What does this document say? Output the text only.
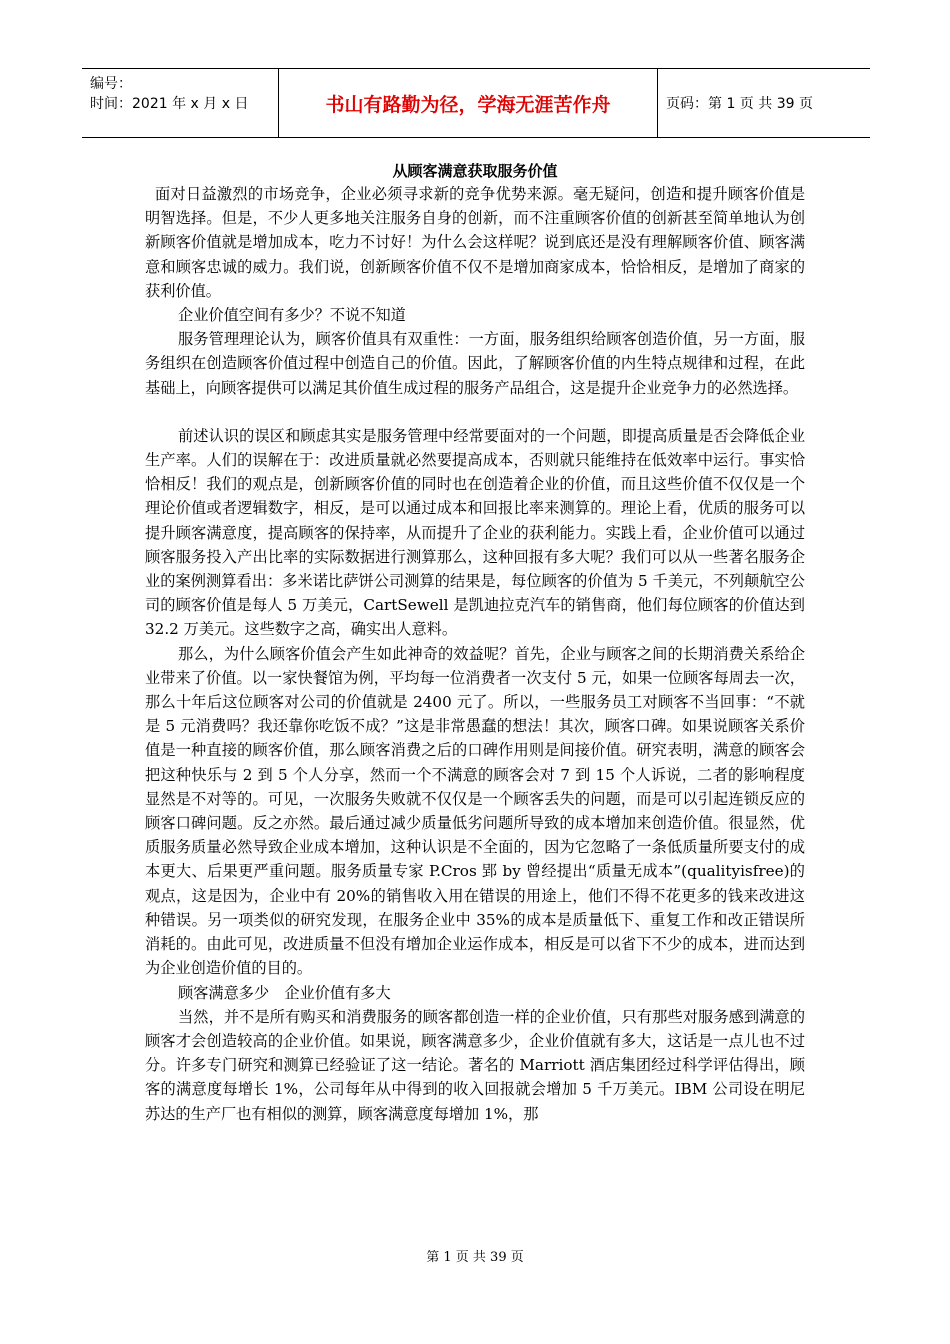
编号：
时间：2021 年 x 月 x 日	书山有路勤为径，学海无涯苦作舟	页码：第 1 页 共 39 页
从顾客满意获取服务价值

面对日益激烈的市场竞争，企业必须寻求新的竞争优势来源。毫无疑问，创造和提升顾客价值是明智选择。但是，不少人更多地关注服务自身的创新，而不注重顾客价值的创新甚至简单地认为创新顾客价值就是增加成本，吃力不讨好！为什么会这样呢？说到底还是没有理解顾客价值、顾客满意和顾客忠诚的威力。我们说，创新顾客价值不仅不是增加商家成本，恰恰相反，是增加了商家的获利价值。

企业价值空间有多少？不说不知道

服务管理理论认为，顾客价值具有双重性：一方面，服务组织给顾客创造价值，另一方面，服务组织在创造顾客价值过程中创造自己的价值。因此，了解顾客价值的内生特点规律和过程，在此基础上，向顾客提供可以满足其价值生成过程的服务产品组合，这是提升企业竞争力的必然选择。

前述认识的误区和顾虑其实是服务管理中经常要面对的一个问题，即提高质量是否会降低企业生产率。人们的误解在于：改进质量就必然要提高成本，否则就只能维持在低效率中运行。事实恰恰相反！我们的观点是，创新顾客价值的同时也在创造着企业的价值，而且这些价值不仅仅是一个理论价值或者逻辑数字，相反，是可以通过成本和回报比率来测算的。理论上看，优质的服务可以提升顾客满意度，提高顾客的保持率，从而提升了企业的获利能力。实践上看，企业价值可以通过顾客服务投入产出比率的实际数据进行测算那么，这种回报有多大呢？我们可以从一些著名服务企业的案例测算看出：多米诺比萨饼公司测算的结果是，每位顾客的价值为 5 千美元，不列颠航空公司的顾客价值是每人 5 万美元，CartSewell 是凯迪拉克汽车的销售商，他们每位顾客的价值达到 32.2 万美元。这些数字之高，确实出人意料。

那么，为什么顾客价值会产生如此神奇的效益呢？首先，企业与顾客之间的长期消费关系给企业带来了价值。以一家快餐馆为例，平均每一位消费者一次支付 5 元，如果一位顾客每周去一次，那么十年后这位顾客对公司的价值就是 2400 元了。所以，一些服务员工对顾客不当回事：“不就是 5 元消费吗？我还靠你吃饭不成？”这是非常愚蠢的想法！其次，顾客口碑。如果说顾客关系价值是一种直接的顾客价值，那么顾客消费之后的口碑作用则是间接价值。研究表明，满意的顾客会把这种快乐与 2 到 5 个人分享，然而一个不满意的顾客会对 7 到 15 个人诉说，二者的影响程度显然是不对等的。可见，一次服务失败就不仅仅是一个顾客丢失的问题，而是可以引起连锁反应的顾客口碑问题。反之亦然。最后通过减少质量低劣问题所导致的成本增加来创造价值。很显然，优质服务质量必然导致企业成本增加，这种认识是不全面的，因为它忽略了一条低质量所要支付的成本更大、后果更严重问题。服务质量专家 P.Cros 郢 by 曾经提出“质量无成本”(qualityisfree)的观点，这是因为，企业中有 20%的销售收入用在错误的用途上，他们不得不花更多的钱来改进这种错误。另一项类似的研究发现，在服务企业中 35%的成本是质量低下、重复工作和改正错误所消耗的。由此可见，改进质量不但没有增加企业运作成本，相反是可以省下不少的成本，进而达到为企业创造价值的目的。

顾客满意多少　企业价值有多大

当然，并不是所有购买和消费服务的顾客都创造一样的企业价值，只有那些对服务感到满意的顾客才会创造较高的企业价值。如果说，顾客满意多少，企业价值就有多大，这话是一点儿也不过分。许多专门研究和测算已经验证了这一结论。著名的 Marriott 酒店集团经过科学评估得出，顾客的满意度每增长 1%，公司每年从中得到的收入回报就会增加 5 千万美元。IBM 公司设在明尼苏达的生产厂也有相似的测算，顾客满意度每增加 1%，那

第 1 页 共 39 页
